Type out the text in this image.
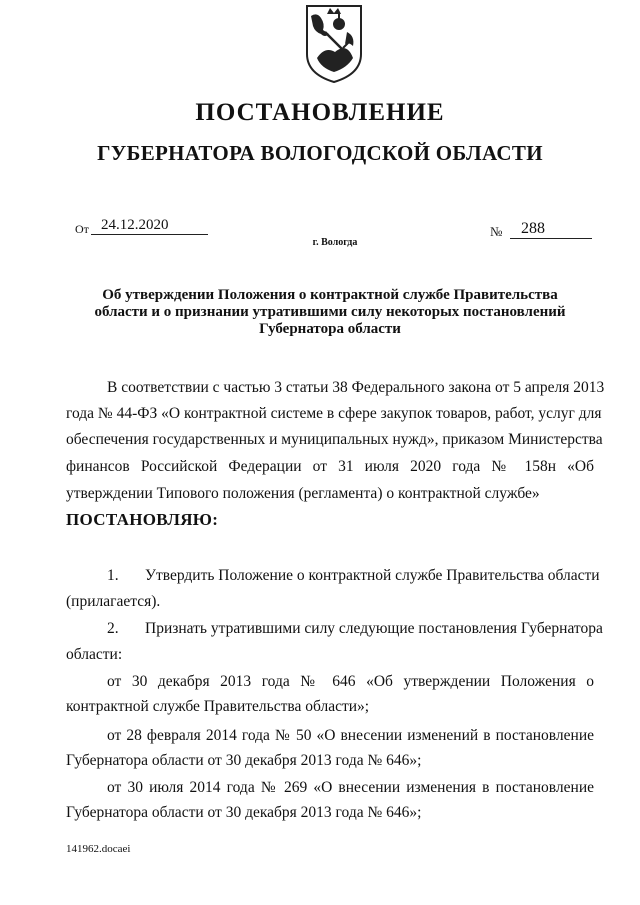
ПОСТАНОВЛЕНИЕ
ГУБЕРНАТОРА ВОЛОГОДСКОЙ ОБЛАСТИ
От 24.12.2020
г. Вологда
№	288
Об утверждении Положения о контрактной службе Правительства
области и о признании утратившими силу некоторых постановлений
Губернатора области
В соответствии с частью 3 статьи 38 Федерального закона от 5 апреля 2013
года № 44-ФЗ «О контрактной системе в сфере закупок товаров, работ, услуг для
обеспечения государственных и муниципальных нужд», приказом Министерства
финансов Российской Федерации от 31 июля 2020 года № 158н «Об
утверждении Типового положения (регламента) о контрактной службе»
ПОСТАНОВЛЯЮ:
1. Утвердить Положение о контрактной службе Правительства области
(прилагается).
2. Признать утратившими силу следующие постановления Губернатора
области:
от 30 декабря 2013 года № 646 «Об утверждении Положения о
контрактной службе Правительства области»;
от 28 февраля 2014 года № 50 «О внесении изменений в постановление
Губернатора области от 30 декабря 2013 года № 646»;
от 30 июля 2014 года № 269 «О внесении изменения в постановление
Губернатора области от 30 декабря 2013 года № 646»;
141962.docaei
